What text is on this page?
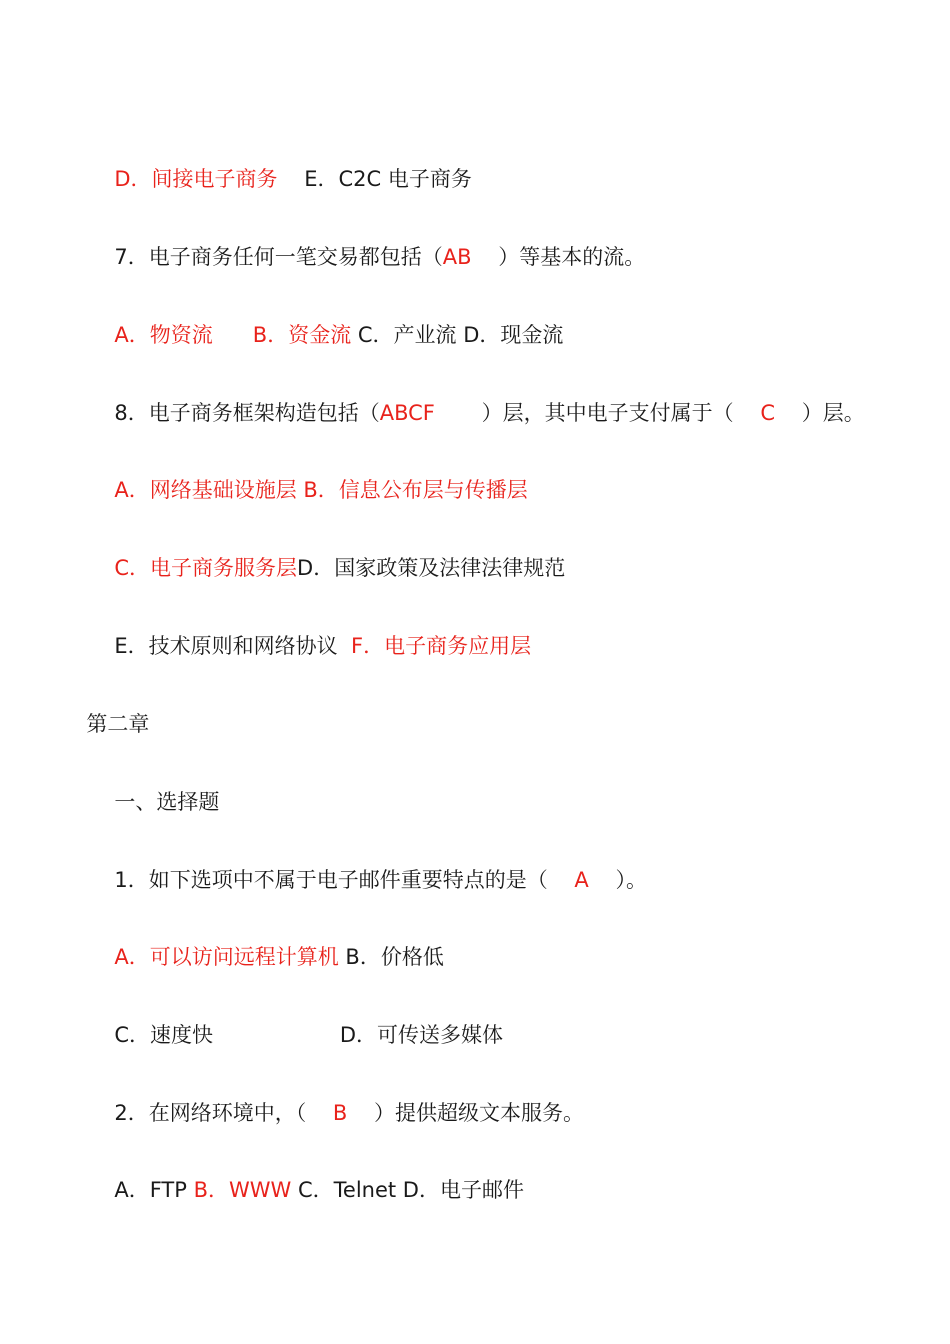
D．间接电子商务    E．C2C 电子商务

7．电子商务任何一笔交易都包括（AB    ）等基本的流。

A．物资流 B．资金流 C．产业流 D．现金流

8．电子商务框架构造包括（ABCF       ）层，其中电子支付属于（    C    ）层。

A．网络基础设施层 B．信息公布层与传播层

C．电子商务服务层D．国家政策及法律法律规范

E．技术原则和网络协议  F．电子商务应用层

第二章

一、选择题

1．如下选项中不属于电子邮件重要特点的是（    A    ）。

A．可以访问远程计算机 B．价格低

C．速度快                   D．可传送多媒体

2．在网络环境中，（    B    ）提供超级文本服务。

A．FTP B．WWW C．Telnet D．电子邮件
